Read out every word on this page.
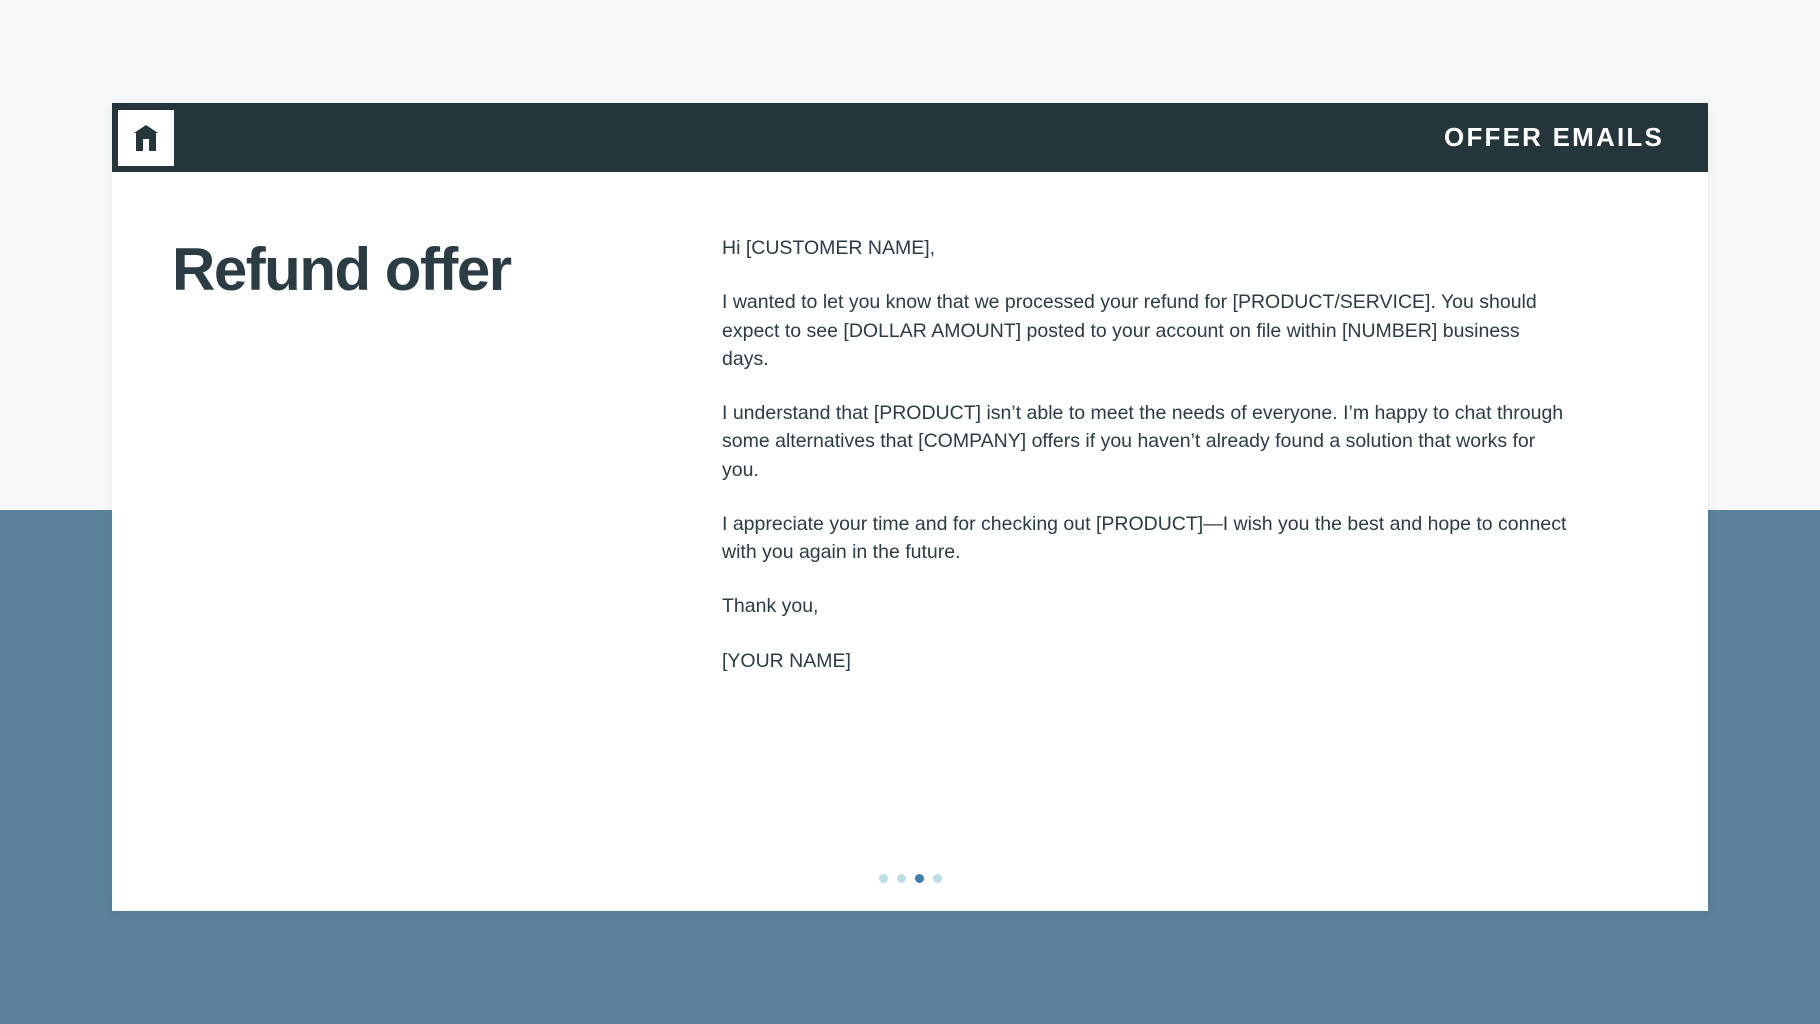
OFFER EMAILS
Refund offer	Hi [CUSTOMER NAME],

I wanted to let you know that we processed your refund for [PRODUCT/SERVICE]. You should expect to see [DOLLAR AMOUNT] posted to your account on file within [NUMBER] business days.

I understand that [PRODUCT] isn’t able to meet the needs of everyone. I’m happy to chat through some alternatives that [COMPANY] offers if you haven’t already found a solution that works for you.

I appreciate your time and for checking out [PRODUCT]—I wish you the best and hope to connect with you again in the future.

Thank you,

[YOUR NAME]
